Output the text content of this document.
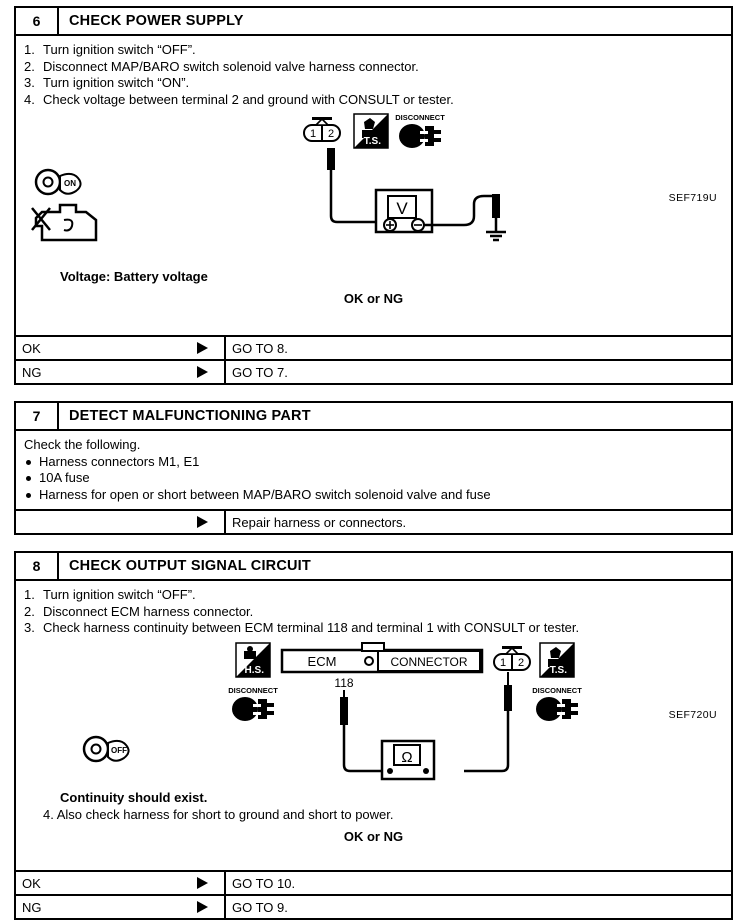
6	CHECK POWER SUPPLY
1. Turn ignition switch “OFF”.
2. Disconnect MAP/BARO switch solenoid valve harness connector.
3. Turn ignition switch “ON”.
4. Check voltage between terminal 2 and ground with CONSULT or tester.
1 2
T.S.
DISCONNECT
ON
V
SEF719U
Voltage: Battery voltage
OK or NG
OK	GO TO 8.
NG	GO TO 7.
7	DETECT MALFUNCTIONING PART
Check the following.
Harness connectors M1, E1
10A fuse
Harness for open or short between MAP/BARO switch solenoid valve and fuse
Repair harness or connectors.
8	CHECK OUTPUT SIGNAL CIRCUIT
1. Turn ignition switch “OFF”.
2. Disconnect ECM harness connector.
3. Check harness continuity between ECM terminal 118 and terminal 1 with CONSULT or tester.
H.S.
DISCONNECT
ECM	CONNECTOR
118
1 2
T.S.
DISCONNECT
Ω
OFF
SEF720U
Continuity should exist.
4. Also check harness for short to ground and short to power.
OK or NG
OK	GO TO 10.
NG	GO TO 9.
